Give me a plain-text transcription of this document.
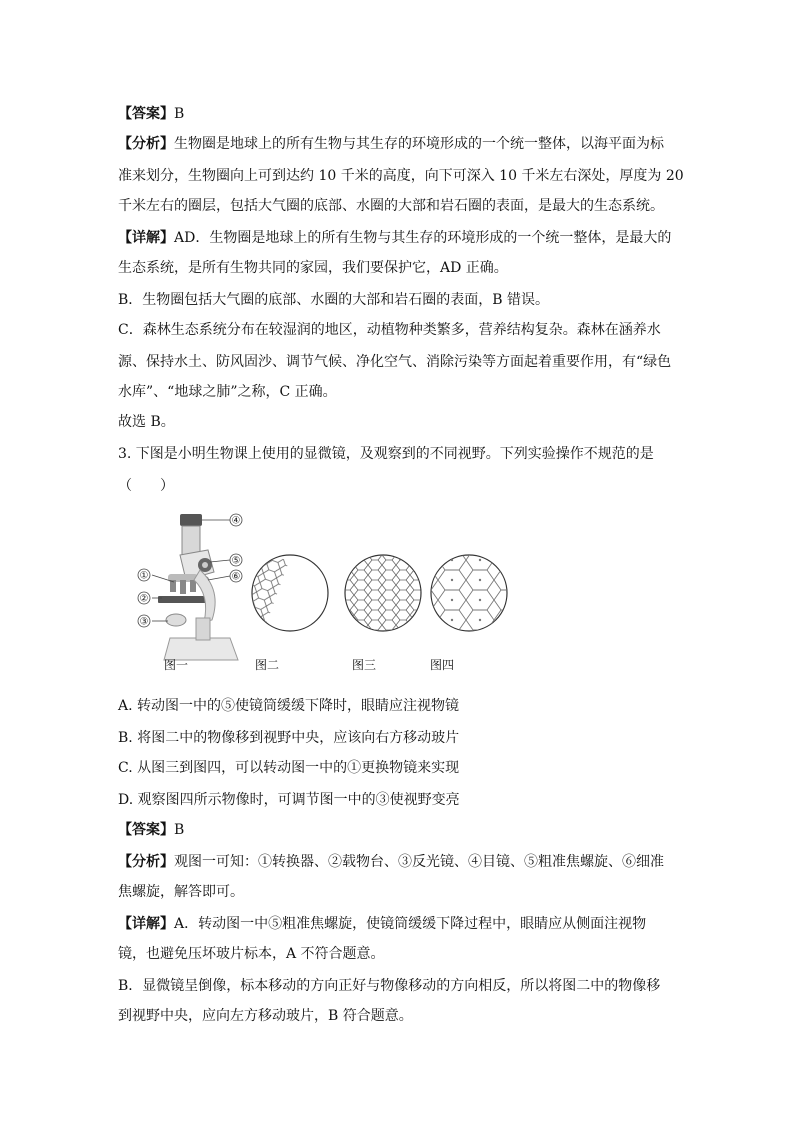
【答案】B
【分析】生物圈是地球上的所有生物与其生存的环境形成的一个统一整体，以海平面为标
准来划分，生物圈向上可到达约 10 千米的高度，向下可深入 10 千米左右深处，厚度为 20
千米左右的圈层，包括大气圈的底部、水圈的大部和岩石圈的表面，是最大的生态系统。
【详解】AD．生物圈是地球上的所有生物与其生存的环境形成的一个统一整体，是最大的
生态系统，是所有生物共同的家园，我们要保护它，AD 正确。
B．生物圈包括大气圈的底部、水圈的大部和岩石圈的表面，B 错误。
C．森林生态系统分布在较湿润的地区，动植物种类繁多，营养结构复杂。森林在涵养水
源、保持水土、防风固沙、调节气候、净化空气、消除污染等方面起着重要作用，有“绿色
水库”、“地球之肺”之称，C 正确。
故选 B。
3. 下图是小明生物课上使用的显微镜，及观察到的不同视野。下列实验操作不规范的是
（　　）
④
⑤
⑥
①
②
③
图一	图二	图三	图四
A. 转动图一中的⑤使镜筒缓缓下降时，眼睛应注视物镜
B. 将图二中的物像移到视野中央，应该向右方移动玻片
C. 从图三到图四，可以转动图一中的①更换物镜来实现
D. 观察图四所示物像时，可调节图一中的③使视野变亮
【答案】B
【分析】观图一可知：①转换器、②载物台、③反光镜、④目镜、⑤粗准焦螺旋、⑥细准
焦螺旋，解答即可。
【详解】A．转动图一中⑤粗准焦螺旋，使镜筒缓缓下降过程中，眼睛应从侧面注视物
镜，也避免压坏玻片标本，A 不符合题意。
B．显微镜呈倒像，标本移动的方向正好与物像移动的方向相反，所以将图二中的物像移
到视野中央，应向左方移动玻片，B 符合题意。
